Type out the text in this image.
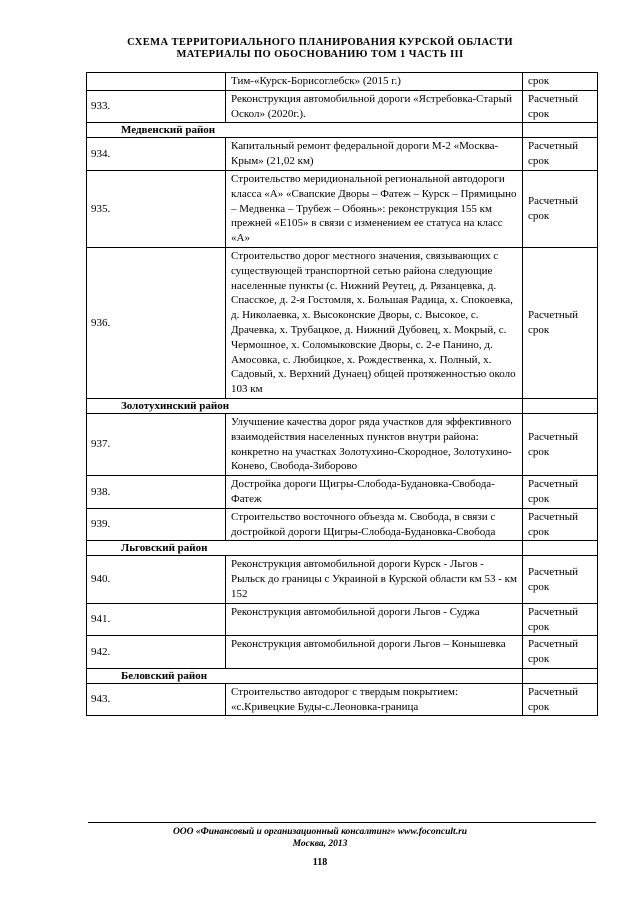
СХЕМА ТЕРРИТОРИАЛЬНОГО ПЛАНИРОВАНИЯ КУРСКОЙ ОБЛАСТИ
МАТЕРИАЛЫ ПО ОБОСНОВАНИЮ ТОМ 1 ЧАСТЬ III
	Тим-«Курск-Борисоглебск» (2015 г.)	срок
933.	Реконструкция автомобильной дороги «Ястребовка-Старый Оскол» (2020г.).	Расчетный срок
Медвенский район		
934.	Капитальный ремонт федеральной дороги М-2 «Москва-Крым» (21,02 км)	Расчетный срок
935.	Строительство меридиональной региональной автодороги класса «А» «Свапские Дворы – Фатеж – Курск – Прямицыно – Медвенка – Трубеж – Обоянь»: реконструкция 155 км прежней «Е105» в связи с изменением ее статуса на класс «А»	Расчетный срок
936.	Строительство дорог местного значения, связывающих с существующей транспортной сетью района следующие населенные пункты (с. Нижний Реутец, д. Рязанцевка, д. Спасское, д. 2-я Гостомля, х. Большая Радица, х. Спокоевка, д. Николаевка, х. Высоконские Дворы, с. Высокое, с. Драчевка, х. Трубацкое, д. Нижний Дубовец, х. Мокрый, с. Чермошное, х. Соломыковские Дворы, с. 2-е Панино, д. Амосовка, с. Любицкое, х. Рождественка, х. Полный, х. Садовый, х. Верхний Дунаец) общей протяженностью около 103 км	Расчетный срок
Золотухинский район		
937.	Улучшение качества дорог ряда участков для эффективного взаимодействия населенных пунктов внутри района: конкретно на участках Золотухино-Скородное, Золотухино-Конево, Свобода-Зиборово	Расчетный срок
938.	Достройка дороги Щигры-Слобода-Будановка-Свобода-Фатеж	Расчетный срок
939.	Строительство восточного объезда м. Свобода, в связи с достройкой дороги Щигры-Слобода-Будановка-Свобода	Расчетный срок
Льговский район		
940.	Реконструкция автомобильной дороги Курск - Льгов - Рыльск до границы с Украиной в Курской области км 53 - км 152	Расчетный срок
941.	Реконструкция автомобильной дороги Льгов - Суджа	Расчетный срок
942.	Реконструкция автомобильной дороги Льгов – Конышевка	Расчетный срок
Беловский район		
943.	Строительство автодорог с твердым покрытием: «с.Кривецкие Буды-с.Леоновка-граница	Расчетный срок
ООО «Финансовый и организационный консалтинг» www.foconcult.ru
Москва, 2013
118
